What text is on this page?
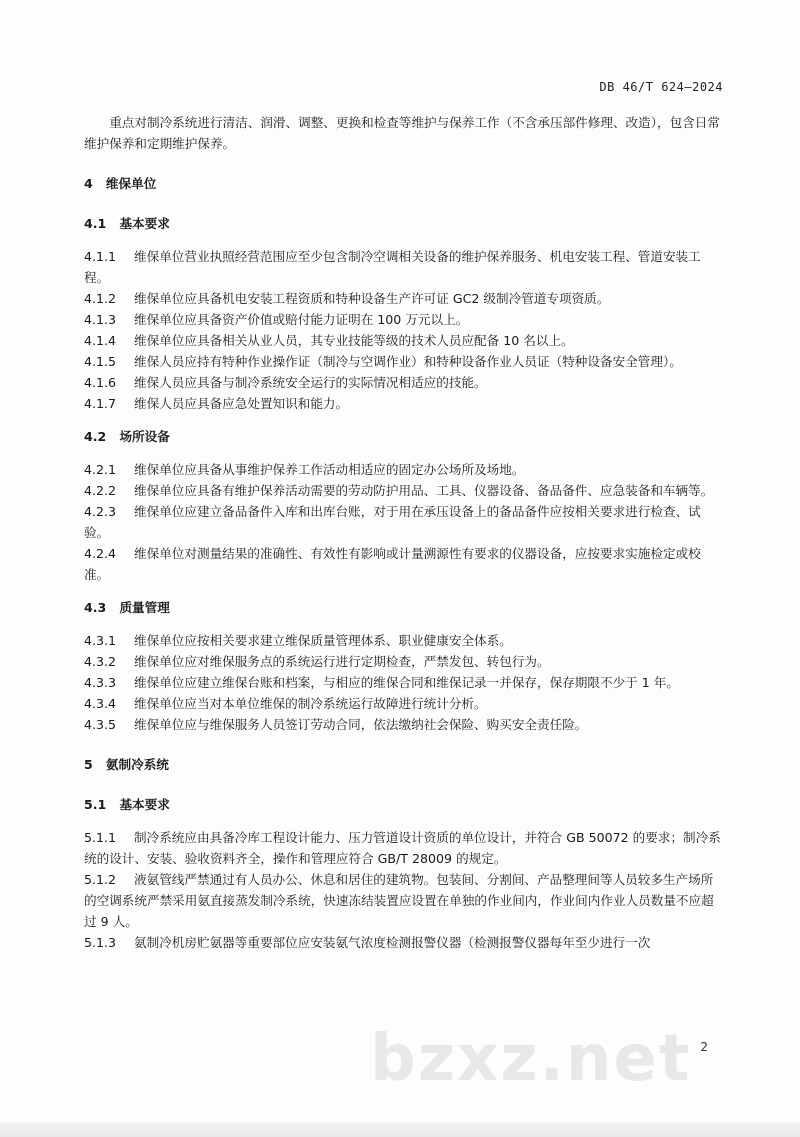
DB 46/T 624—2024

重点对制冷系统进行清洁、润滑、调整、更换和检查等维护与保养工作（不含承压部件修理、改造），包含日常维护保养和定期维护保养。

4   维保单位

4.1   基本要求

4.1.1 维保单位营业执照经营范围应至少包含制冷空调相关设备的维护保养服务、机电安装工程、管道安装工程。

4.1.2 维保单位应具备机电安装工程资质和特种设备生产许可证 GC2 级制冷管道专项资质。

4.1.3 维保单位应具备资产价值或赔付能力证明在 100 万元以上。

4.1.4 维保单位应具备相关从业人员，其专业技能等级的技术人员应配备 10 名以上。

4.1.5 维保人员应持有特种作业操作证（制冷与空调作业）和特种设备作业人员证（特种设备安全管理）。

4.1.6 维保人员应具备与制冷系统安全运行的实际情况相适应的技能。

4.1.7 维保人员应具备应急处置知识和能力。

4.2   场所设备

4.2.1 维保单位应具备从事维护保养工作活动相适应的固定办公场所及场地。

4.2.2 维保单位应具备有维护保养活动需要的劳动防护用品、工具、仪器设备、备品备件、应急装备和车辆等。

4.2.3 维保单位应建立备品备件入库和出库台账，对于用在承压设备上的备品备件应按相关要求进行检查、试验。

4.2.4 维保单位对测量结果的准确性、有效性有影响或计量溯源性有要求的仪器设备，应按要求实施检定或校准。

4.3   质量管理

4.3.1 维保单位应按相关要求建立维保质量管理体系、职业健康安全体系。

4.3.2 维保单位应对维保服务点的系统运行进行定期检查，严禁发包、转包行为。

4.3.3 维保单位应建立维保台账和档案，与相应的维保合同和维保记录一并保存，保存期限不少于 1 年。

4.3.4 维保单位应当对本单位维保的制冷系统运行故障进行统计分析。

4.3.5 维保单位应与维保服务人员签订劳动合同，依法缴纳社会保险、购买安全责任险。

5   氨制冷系统

5.1   基本要求

5.1.1 制冷系统应由具备冷库工程设计能力、压力管道设计资质的单位设计，并符合 GB 50072 的要求；制冷系统的设计、安装、验收资料齐全，操作和管理应符合 GB/T 28009 的规定。

5.1.2 液氨管线严禁通过有人员办公、休息和居住的建筑物。包装间、分割间、产品整理间等人员较多生产场所的空调系统严禁采用氨直接蒸发制冷系统，快速冻结装置应设置在单独的作业间内，作业间内作业人员数量不应超过 9 人。

5.1.3 氨制冷机房贮氨器等重要部位应安装氨气浓度检测报警仪器（检测报警仪器每年至少进行一次

bzxz.net 2
